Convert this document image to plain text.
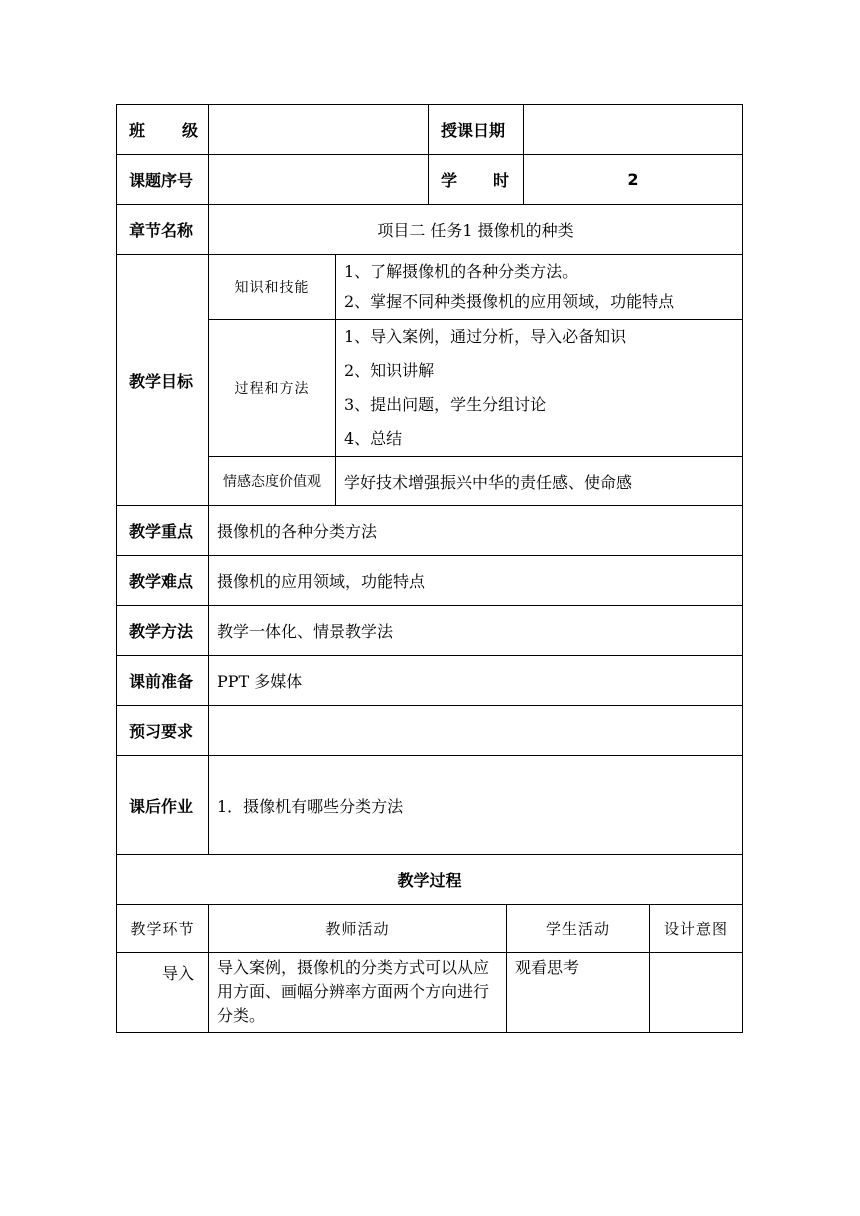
班 级			授课日期	
课题序号			学 时	2
章节名称	项目二 任务1 摄像机的种类			
教学目标	知识和技能	1、了解摄像机的各种分类方法。
2、掌握不同种类摄像机的应用领域，功能特点		

	过程和方法	1、导入案例，通过分析，导入必备知识
2、知识讲解
3、提出问题，学生分组讨论
4、总结		

	情感态度价值观	学好技术增强振兴中华的责任感、使命感		
教学重点	摄像机的各种分类方法			
教学难点	摄像机的应用领域，功能特点			
教学方法	教学一体化、情景教学法			
课前准备	PPT 多媒体			
预习要求				
课后作业	1．摄像机有哪些分类方法			
教学过程				
教学环节	教师活动	学生活动	设计意图
导入	导入案例，摄像机的分类方式可以从应用方面、画幅分辨率方面两个方向进行分类。	观看思考	
